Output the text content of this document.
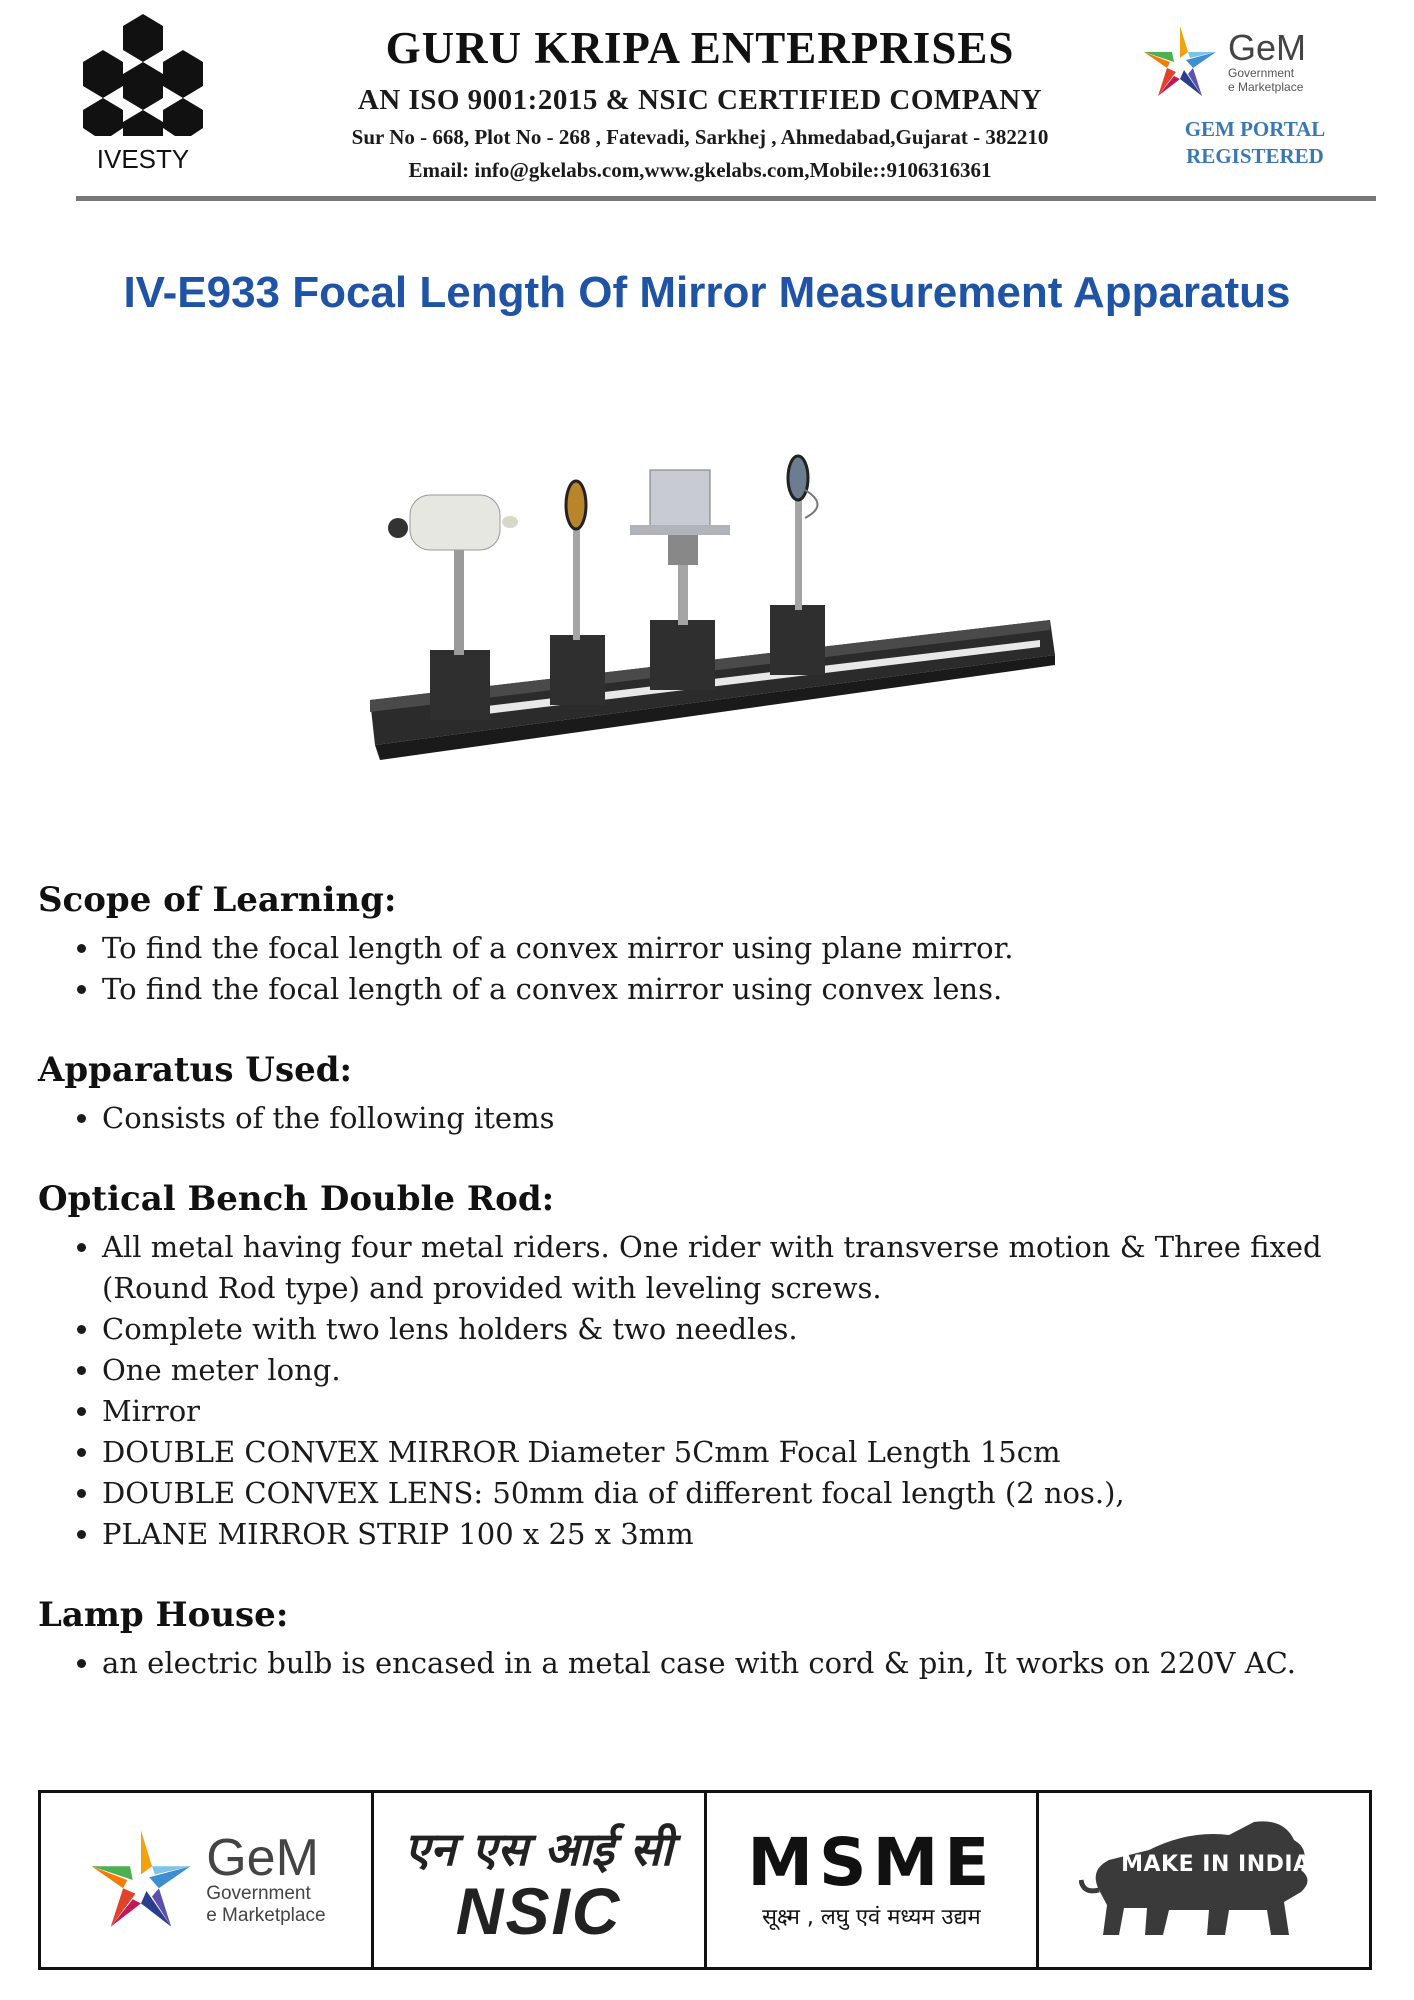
IVESTY
GURU KRIPA ENTERPRISES
AN ISO 9001:2015 & NSIC CERTIFIED COMPANY
Sur No - 668, Plot No - 268 , Fatevadi, Sarkhej , Ahmedabad,Gujarat - 382210
Email: info@gkelabs.com,www.gkelabs.com,Mobile::9106316361
GeM
Government
e Marketplace
GEM PORTAL
REGISTERED
IV-E933 Focal Length Of Mirror Measurement Apparatus
Scope of Learning:
• To find the focal length of a convex mirror using plane mirror.
• To find the focal length of a convex mirror using convex lens.
Apparatus Used:
• Consists of the following items
Optical Bench Double Rod:
• All metal having four metal riders. One rider with transverse motion & Three fixed (Round Rod type) and provided with leveling screws.
• Complete with two lens holders & two needles.
• One meter long.
• Mirror
• DOUBLE CONVEX MIRROR Diameter 5Cmm Focal Length 15cm
• DOUBLE CONVEX LENS: 50mm dia of different focal length (2 nos.),
• PLANE MIRROR STRIP 100 x 25 x 3mm
Lamp House:
• an electric bulb is encased in a metal case with cord & pin, It works on 220V AC.
GeM
Government
e Marketplace
एन एस आई सी
NSIC
MSME
सूक्ष्म , लघु एवं मध्यम उद्यम
MAKE IN INDIA
